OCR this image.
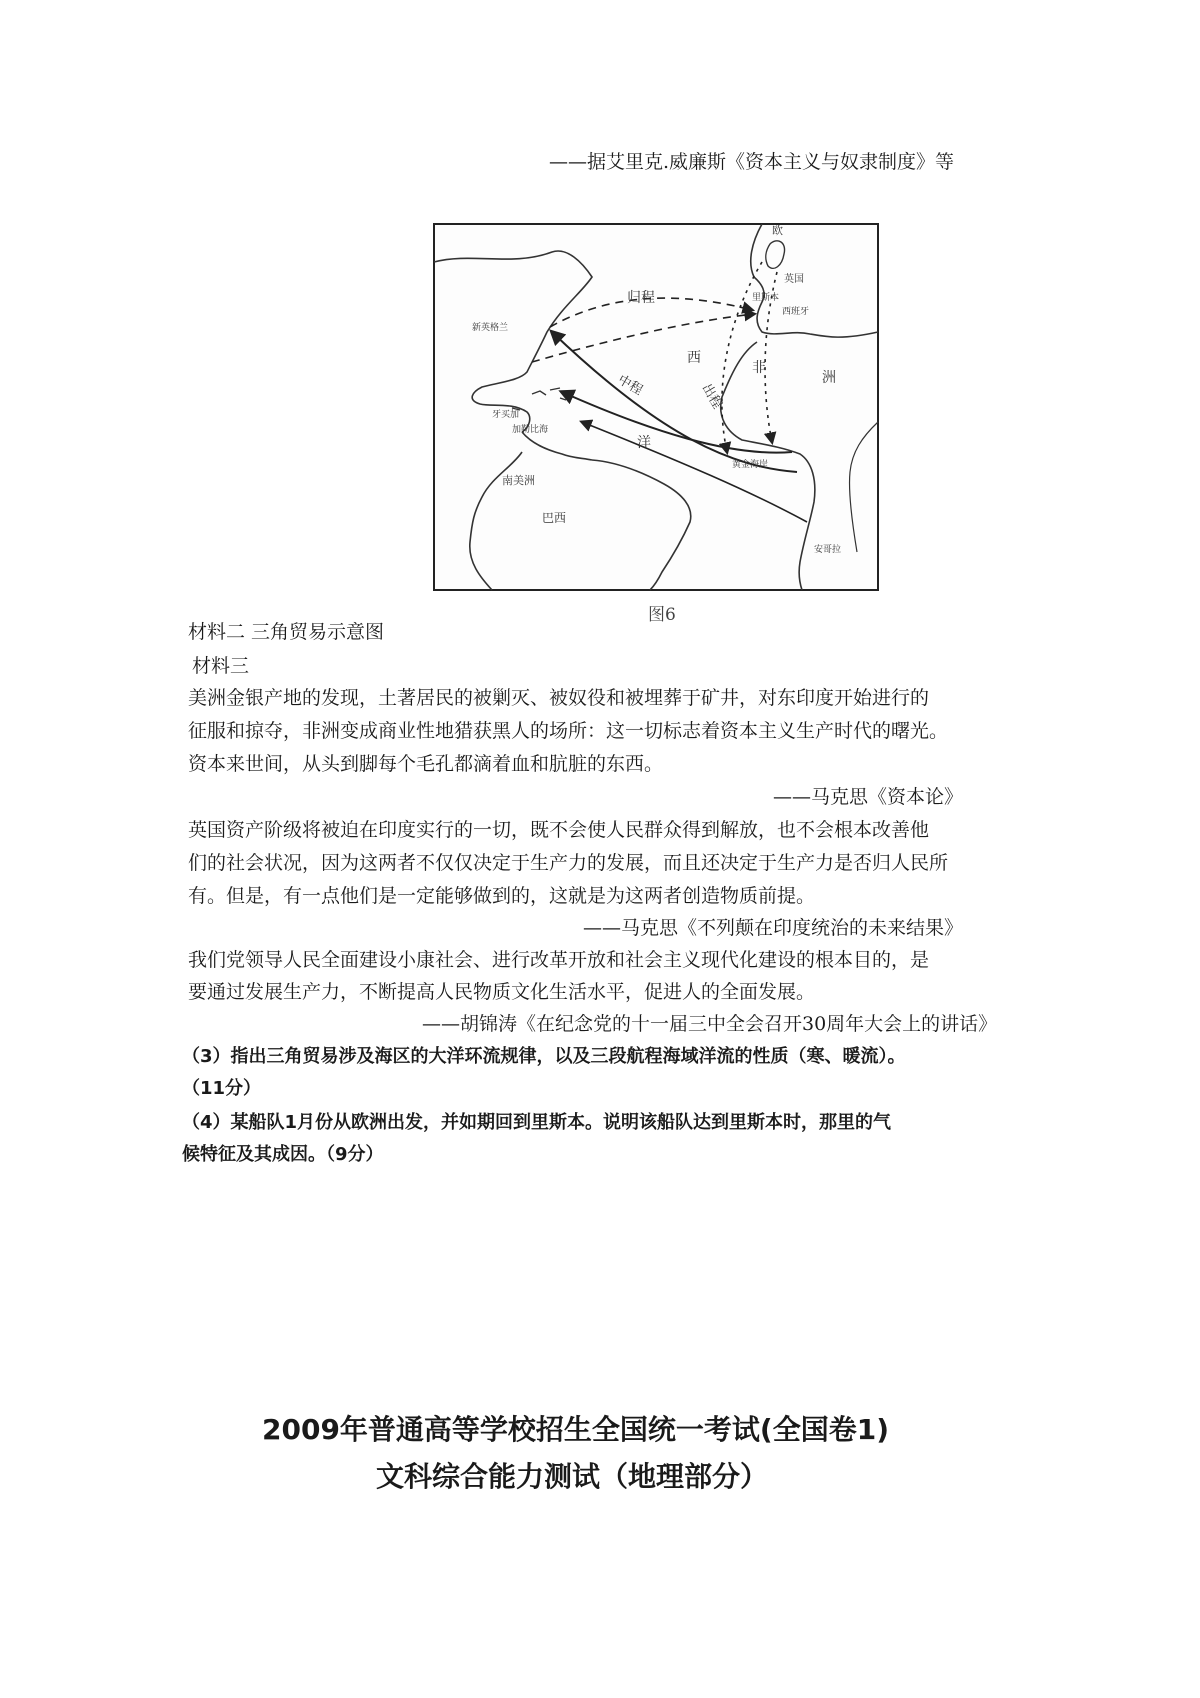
——据艾里克.威廉斯《资本主义与奴隶制度》等
归程
西
洋
中程	出程
非
洲
欧
英国
里斯本
西班牙
新英格兰
牙买加
加勒比海
黄金海岸
南美洲
巴西
安哥拉
图6
材料二 三角贸易示意图
材料三
美洲金银产地的发现，土著居民的被剿灭、被奴役和被埋葬于矿井，对东印度开始进行的
征服和掠夺，非洲变成商业性地猎获黑人的场所：这一切标志着资本主义生产时代的曙光。
资本来世间，从头到脚每个毛孔都滴着血和肮脏的东西。
——马克思《资本论》
英国资产阶级将被迫在印度实行的一切，既不会使人民群众得到解放，也不会根本改善他
们的社会状况，因为这两者不仅仅决定于生产力的发展，而且还决定于生产力是否归人民所
有。但是，有一点他们是一定能够做到的，这就是为这两者创造物质前提。
——马克思《不列颠在印度统治的未来结果》
我们党领导人民全面建设小康社会、进行改革开放和社会主义现代化建设的根本目的，是
要通过发展生产力，不断提高人民物质文化生活水平，促进人的全面发展。
——胡锦涛《在纪念党的十一届三中全会召开30周年大会上的讲话》
（3）指出三角贸易涉及海区的大洋环流规律，以及三段航程海域洋流的性质（寒、暖流）。
（11分）
（4）某船队1月份从欧洲出发，并如期回到里斯本。说明该船队达到里斯本时，那里的气
候特征及其成因。（9分）
2009年普通高等学校招生全国统一考试(全国卷1)
文科综合能力测试（地理部分）
